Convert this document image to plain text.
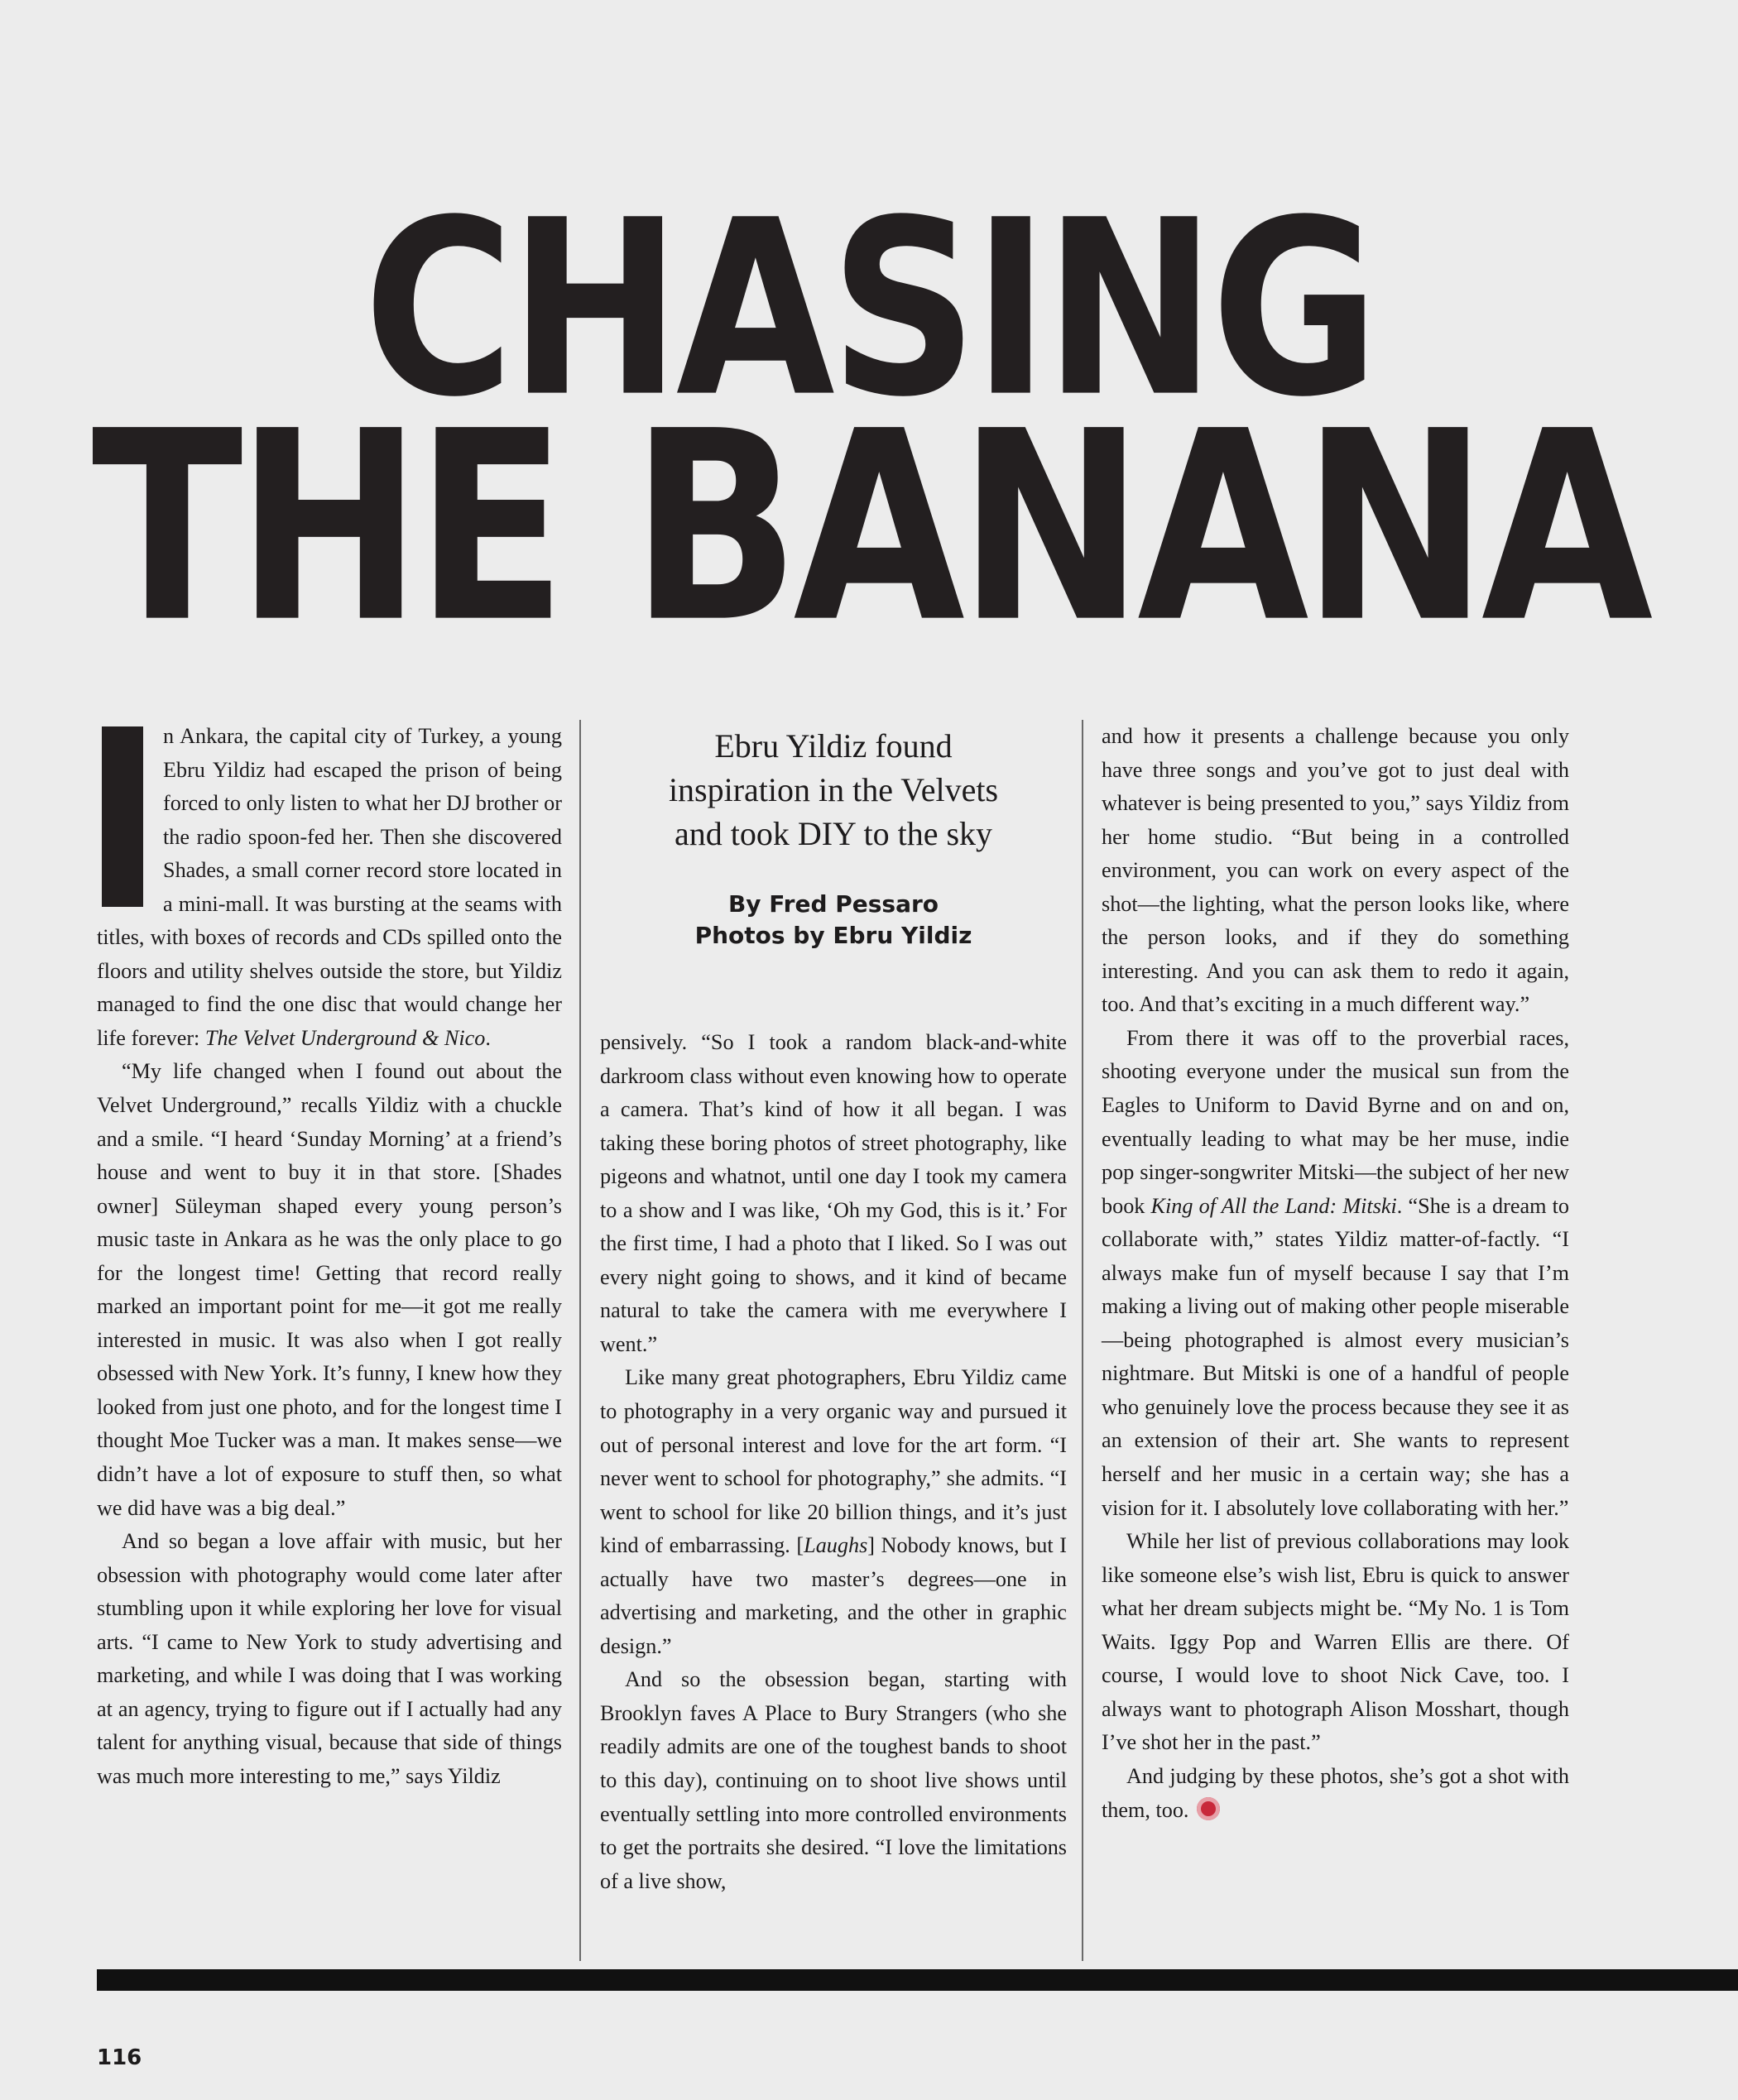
CHASING
THE BANANA

n Ankara, the capital city of Turkey, a young Ebru Yildiz had escaped the prison of being forced to only listen to what her DJ brother or the radio spoon-fed her. Then she discovered Shades, a small corner record store located in a mini-mall. It was bursting at the seams with titles, with boxes of records and CDs spilled onto the floors and utility shelves outside the store, but Yildiz managed to find the one disc that would change her life forever: The Velvet Underground & Nico.

“My life changed when I found out about the Velvet Underground,” recalls Yildiz with a chuckle and a smile. “I heard ‘Sunday Morning’ at a friend’s house and went to buy it in that store. [Shades owner] Süleyman shaped every young person’s music taste in Ankara as he was the only place to go for the longest time! Getting that record really marked an important point for me—it got me really interested in music. It was also when I got really obsessed with New York. It’s funny, I knew how they looked from just one photo, and for the longest time I thought Moe Tucker was a man. It makes sense—we didn’t have a lot of exposure to stuff then, so what we did have was a big deal.”

And so began a love affair with music, but her obsession with photography would come later after stumbling upon it while exploring her love for visual arts. “I came to New York to study advertising and marketing, and while I was doing that I was working at an agency, trying to figure out if I actually had any talent for anything visual, because that side of things was much more interesting to me,” says Yildiz

Ebru Yildiz found
inspiration in the Velvets
and took DIY to the sky

By Fred Pessaro
Photos by Ebru Yildiz

pensively. “So I took a random black-and-white darkroom class without even knowing how to operate a camera. That’s kind of how it all began. I was taking these boring photos of street photography, like pigeons and whatnot, until one day I took my camera to a show and I was like, ‘Oh my God, this is it.’ For the first time, I had a photo that I liked. So I was out every night going to shows, and it kind of became natural to take the camera with me everywhere I went.”

Like many great photographers, Ebru Yildiz came to photography in a very organic way and pursued it out of personal interest and love for the art form. “I never went to school for photography,” she admits. “I went to school for like 20 billion things, and it’s just kind of embarrassing. [Laughs] Nobody knows, but I actually have two master’s degrees—one in advertising and marketing, and the other in graphic design.”

And so the obsession began, starting with Brooklyn faves A Place to Bury Strangers (who she readily admits are one of the toughest bands to shoot to this day), continuing on to shoot live shows until eventually settling into more controlled environments to get the portraits she desired. “I love the limitations of a live show,

and how it presents a challenge because you only have three songs and you’ve got to just deal with whatever is being presented to you,” says Yildiz from her home studio. “But being in a controlled environment, you can work on every aspect of the shot—the lighting, what the person looks like, where the person looks, and if they do something interesting. And you can ask them to redo it again, too. And that’s exciting in a much different way.”

From there it was off to the proverbial races, shooting everyone under the musical sun from the Eagles to Uniform to David Byrne and on and on, eventually leading to what may be her muse, indie pop singer-songwriter Mitski—the subject of her new book King of All the Land: Mitski. “She is a dream to collaborate with,” states Yildiz matter-of-factly. “I always make fun of myself because I say that I’m making a living out of making other people miserable—being photographed is almost every musician’s nightmare. But Mitski is one of a handful of people who genuinely love the process because they see it as an extension of their art. She wants to represent herself and her music in a certain way; she has a vision for it. I absolutely love collaborating with her.”

While her list of previous collaborations may look like someone else’s wish list, Ebru is quick to answer what her dream subjects might be. “My No. 1 is Tom Waits. Iggy Pop and Warren Ellis are there. Of course, I would love to shoot Nick Cave, too. I always want to photograph Alison Mosshart, though I’ve shot her in the past.”

And judging by these photos, she’s got a shot with them, too.

116
